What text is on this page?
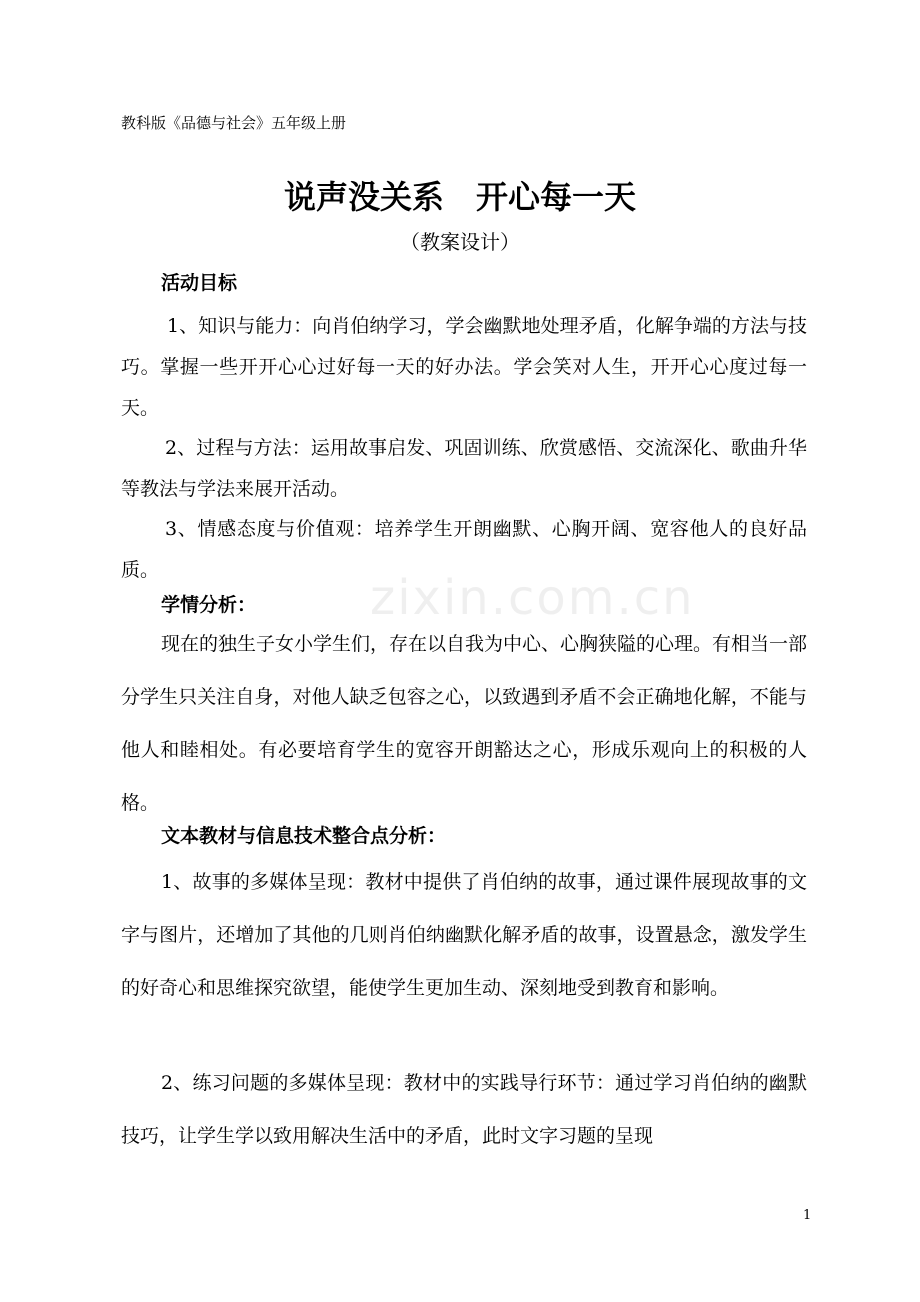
教科版《品德与社会》五年级上册
说声没关系　开心每一天
（教案设计）
活动目标
1、知识与能力：向肖伯纳学习，学会幽默地处理矛盾，化解争端的方法与技巧。掌握一些开开心心过好每一天的好办法。学会笑对人生，开开心心度过每一天。
2、过程与方法：运用故事启发、巩固训练、欣赏感悟、交流深化、歌曲升华等教法与学法来展开活动。
3、情感态度与价值观：培养学生开朗幽默、心胸开阔、宽容他人的良好品质。
学情分析：
现在的独生子女小学生们，存在以自我为中心、心胸狭隘的心理。有相当一部分学生只关注自身，对他人缺乏包容之心，以致遇到矛盾不会正确地化解，不能与他人和睦相处。有必要培育学生的宽容开朗豁达之心，形成乐观向上的积极的人格。
文本教材与信息技术整合点分析：
1、故事的多媒体呈现：教材中提供了肖伯纳的故事，通过课件展现故事的文字与图片，还增加了其他的几则肖伯纳幽默化解矛盾的故事，设置悬念，激发学生的好奇心和思维探究欲望，能使学生更加生动、深刻地受到教育和影响。
2、练习问题的多媒体呈现：教材中的实践导行环节：通过学习肖伯纳的幽默技巧，让学生学以致用解决生活中的矛盾，此时文字习题的呈现
zixin.com.cn
1
